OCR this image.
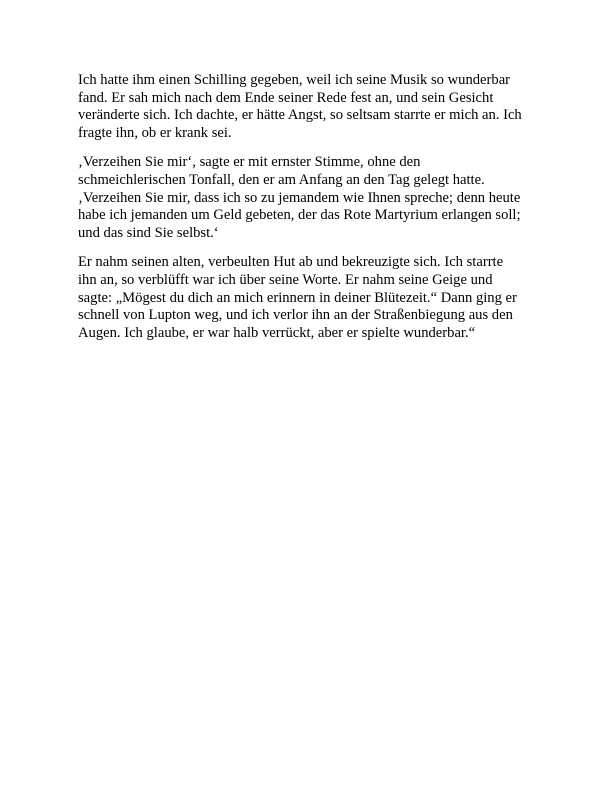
Ich hatte ihm einen Schilling gegeben, weil ich seine Musik so wunderbar
fand. Er sah mich nach dem Ende seiner Rede fest an, und sein Gesicht
veränderte sich. Ich dachte, er hätte Angst, so seltsam starrte er mich an. Ich
fragte ihn, ob er krank sei.

‚Verzeihen Sie mir‘, sagte er mit ernster Stimme, ohne den
schmeichlerischen Tonfall, den er am Anfang an den Tag gelegt hatte.
‚Verzeihen Sie mir, dass ich so zu jemandem wie Ihnen spreche; denn heute
habe ich jemanden um Geld gebeten, der das Rote Martyrium erlangen soll;
und das sind Sie selbst.‘

Er nahm seinen alten, verbeulten Hut ab und bekreuzigte sich. Ich starrte
ihn an, so verblüfft war ich über seine Worte. Er nahm seine Geige und
sagte: „Mögest du dich an mich erinnern in deiner Blütezeit.“ Dann ging er
schnell von Lupton weg, und ich verlor ihn an der Straßenbiegung aus den
Augen. Ich glaube, er war halb verrückt, aber er spielte wunderbar.“
